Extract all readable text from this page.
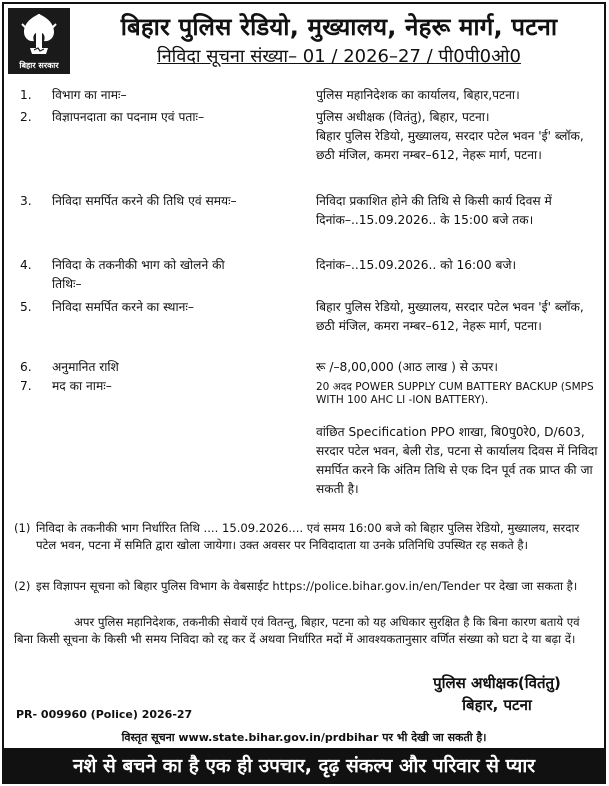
बिहार सरकार
बिहार पुलिस रेडियो, मुख्यालय, नेहरू मार्ग, पटना
निविदा सूचना संख्या– 01 / 2026–27 / पी0पी0ओ0
1. विभाग का नामः–	पुलिस महानिदेशक का कार्यालय, बिहार,पटना।
2. विज्ञापनदाता का पदनाम एवं पताः–	पुलिस अधीक्षक (वितंतु), बिहार, पटना।
बिहार पुलिस रेडियो, मुख्यालय, सरदार पटेल भवन 'ई' ब्लॉक, छठी मंजिल, कमरा नम्बर–612, नेहरू मार्ग, पटना।
3. निविदा समर्पित करने की तिथि एवं समयः–	निविदा प्रकाशित होने की तिथि से किसी कार्य दिवस में दिनांक–..15.09.2026.. के 15:00 बजे तक।
4. निविदा के तकनीकी भाग को खोलने की तिथिः–
दिनांक–..15.09.2026.. को 16:00 बजे।
5. निविदा समर्पित करने का स्थानः–	बिहार पुलिस रेडियो, मुख्यालय, सरदार पटेल भवन 'ई' ब्लॉक, छठी मंजिल, कमरा नम्बर–612, नेहरू मार्ग, पटना।
6. अनुमानित राशि	रू /–8,00,000 (आठ लाख ) से ऊपर।
7. मद का नामः–	20 अदद POWER SUPPLY CUM BATTERY BACKUP (SMPS WITH 100 AHC LI -ION BATTERY).
वांछित Specification PPO शाखा, बि0पु0रे0, D/603, सरदार पटेल भवन, बेली रोड, पटना से कार्यालय दिवस में निविदा समर्पित करने कि अंतिम तिथि से एक दिन पूर्व तक प्राप्त की जा सकती है।
(1) निविदा के तकनीकी भाग निर्धारित तिथि .... 15.09.2026.... एवं समय 16:00 बजे को बिहार पुलिस रेडियो, मुख्यालय, सरदार पटेल भवन, पटना में समिति द्वारा खोला जायेगा। उक्त अवसर पर निविदादाता या उनके प्रतिनिधि उपस्थित रह सकते है।
(2) इस विज्ञापन सूचना को बिहार पुलिस विभाग के वेबसाईट https://police.bihar.gov.in/en/Tender पर देखा जा सकता है।
अपर पुलिस महानिदेशक, तकनीकी सेवायें एवं वितन्तु, बिहार, पटना को यह अधिकार सुरक्षित है कि बिना कारण बताये एवं बिना किसी सूचना के किसी भी समय निविदा को रद्द कर दें अथवा निर्धारित मदों में आवश्यकतानुसार वर्णित संख्या को घटा दे या बढ़ा दें।
पुलिस अधीक्षक(वितंतु)
बिहार, पटना
PR- 009960 (Police) 2026-27
विस्तृत सूचना www.state.bihar.gov.in/prdbihar पर भी देखी जा सकती है।
नशे से बचने का है एक ही उपचार, दृढ़ संकल्प और परिवार से प्यार
